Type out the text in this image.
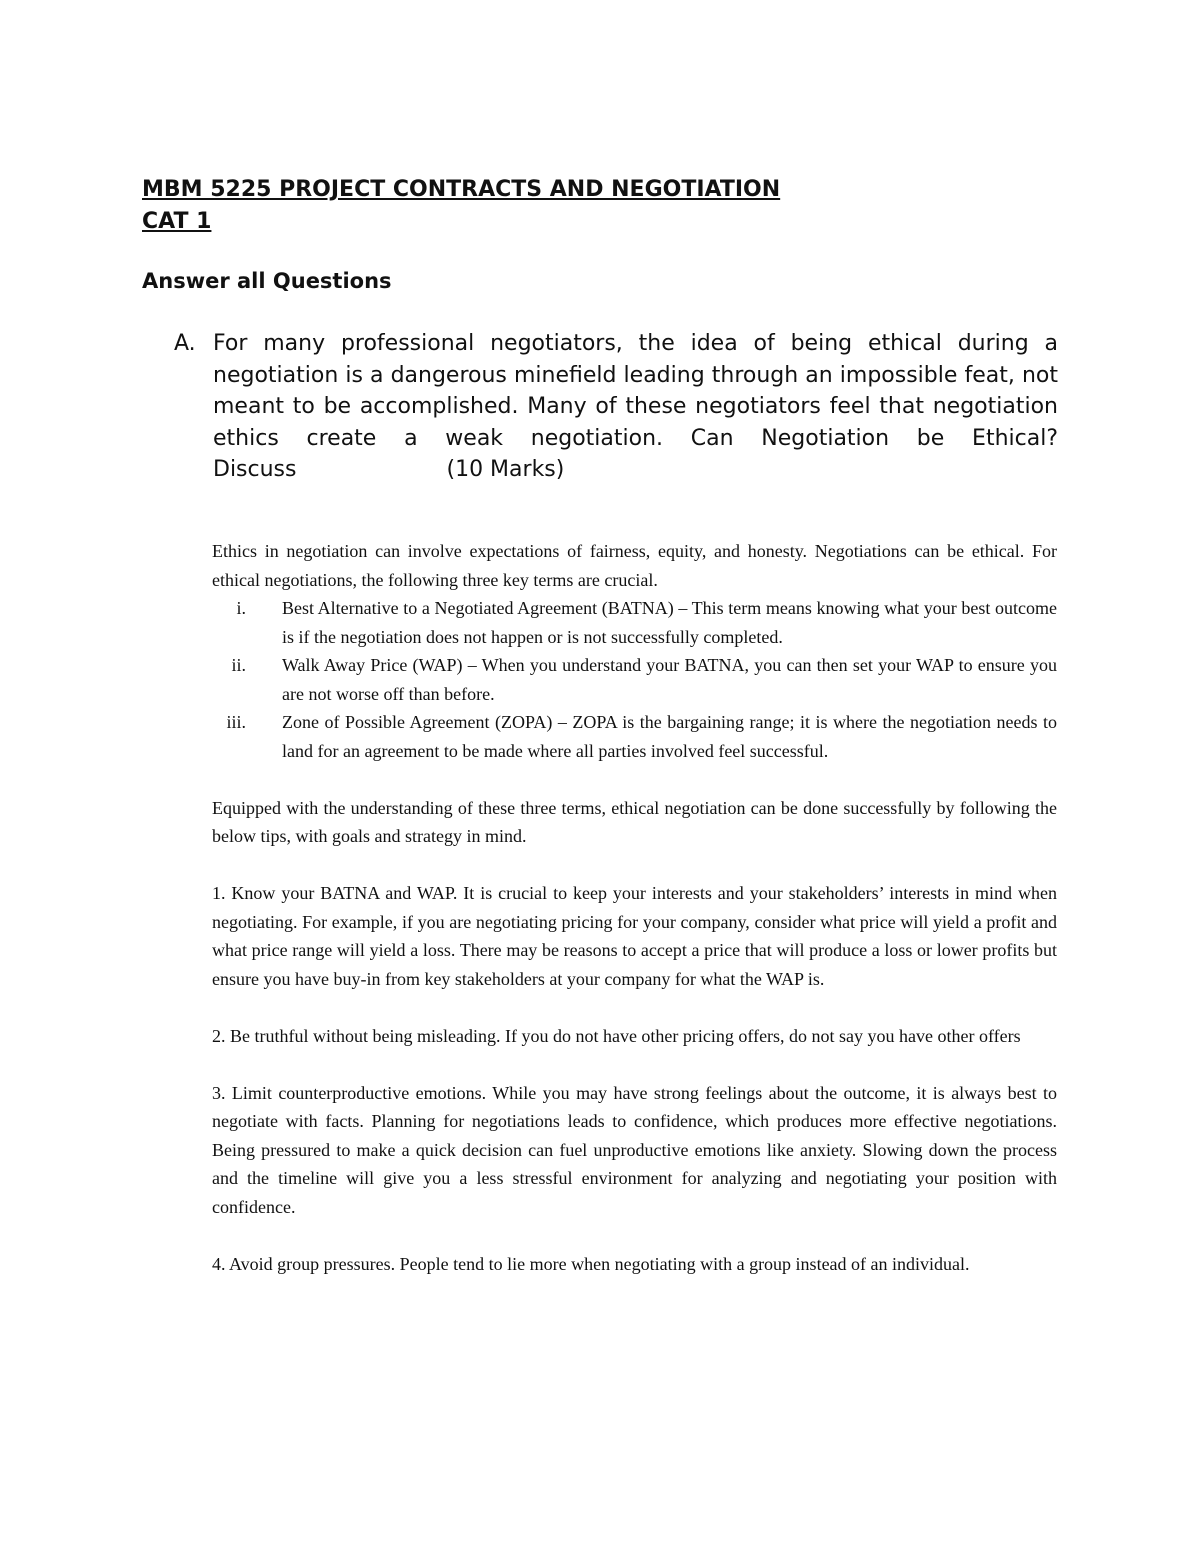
MBM 5225 PROJECT CONTRACTS AND NEGOTIATION
CAT 1
Answer all Questions
A. For many professional negotiators, the idea of being ethical during a negotiation is a dangerous minefield leading through an impossible feat, not meant to be accomplished. Many of these negotiators feel that negotiation ethics create a weak negotiation. Can Negotiation be Ethical? Discuss	(10 Marks)

Ethics in negotiation can involve expectations of fairness, equity, and honesty. Negotiations can be ethical. For ethical negotiations, the following three key terms are crucial.

i. Best Alternative to a Negotiated Agreement (BATNA) – This term means knowing what your best outcome is if the negotiation does not happen or is not successfully completed.
ii. Walk Away Price (WAP) – When you understand your BATNA, you can then set your WAP to ensure you are not worse off than before.
iii. Zone of Possible Agreement (ZOPA) – ZOPA is the bargaining range; it is where the negotiation needs to land for an agreement to be made where all parties involved feel successful.

Equipped with the understanding of these three terms, ethical negotiation can be done successfully by following the below tips, with goals and strategy in mind.

1. Know your BATNA and WAP. It is crucial to keep your interests and your stakeholders’ interests in mind when negotiating. For example, if you are negotiating pricing for your company, consider what price will yield a profit and what price range will yield a loss. There may be reasons to accept a price that will produce a loss or lower profits but ensure you have buy-in from key stakeholders at your company for what the WAP is.

2. Be truthful without being misleading. If you do not have other pricing offers, do not say you have other offers

3. Limit counterproductive emotions. While you may have strong feelings about the outcome, it is always best to negotiate with facts. Planning for negotiations leads to confidence, which produces more effective negotiations. Being pressured to make a quick decision can fuel unproductive emotions like anxiety. Slowing down the process and the timeline will give you a less stressful environment for analyzing and negotiating your position with confidence.

4. Avoid group pressures. People tend to lie more when negotiating with a group instead of an individual.
